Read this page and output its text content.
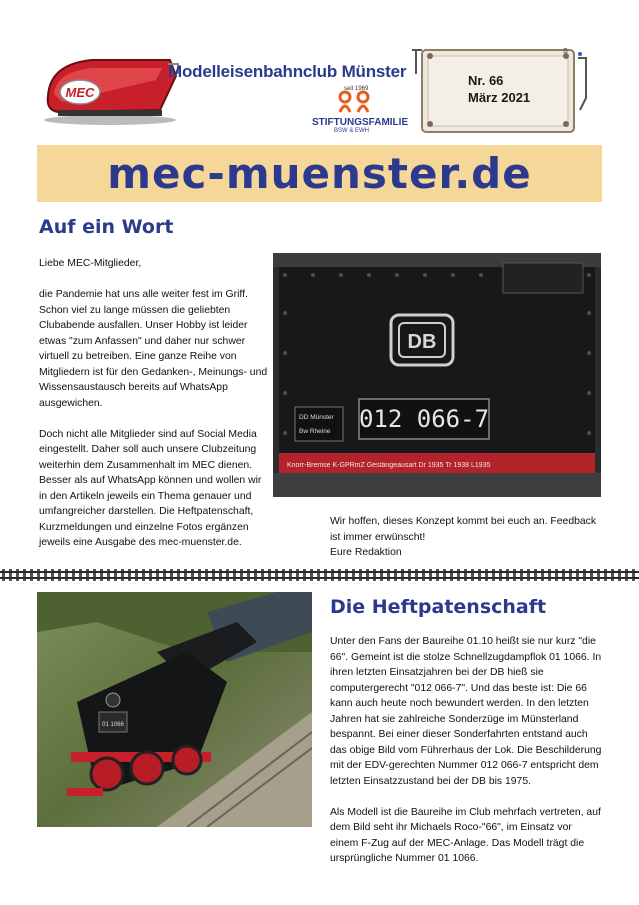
MEC
Modelleisenbahnclub Münster
seit 1969
STIFTUNGSFAMILIE
BSW & EWH
S
Nr. 66
März 2021
mec-muenster.de
Auf ein Wort

Liebe MEC-Mitglieder,

die Pandemie hat uns alle weiter fest im Griff. Schon viel zu lange müssen die geliebten Clubabende ausfallen. Unser Hobby ist leider etwas "zum Anfassen" und daher nur schwer virtuell zu betreiben. Eine ganze Reihe von Mitgliedern ist für den Gedanken-, Meinungs- und Wissensaustausch bereits auf WhatsApp ausgewichen.

Doch nicht alle Mitglieder sind auf Social Media eingestellt. Daher soll auch unsere Clubzeitung weiterhin dem Zusammenhalt im MEC dienen. Besser als auf WhatsApp können und wollen wir in den Artikeln jeweils ein Thema genauer und umfangreicher darstellen. Die Heftpatenschaft, Kurzmeldungen und einzelne Fotos ergänzen jeweils eine Ausgabe des mec-muenster.de.

DB
012 066-7
DD Münster
Bw Rheine
Knorr-Bremse K-GPRmZ Gestängeausart Dr 1935 Tr 1938 L1935

Wir hoffen, dieses Konzept kommt bei euch an. Feedback ist immer erwünscht!

Eure Redaktion

01 1066
Die Heftpatenschaft

Unter den Fans der Baureihe 01.10 heißt sie nur kurz "die 66". Gemeint ist die stolze Schnellzugdampflok 01 1066. In ihren letzten Einsatzjahren bei der DB hieß sie computergerecht "012 066-7". Und das beste ist: Die 66 kann auch heute noch bewundert werden. In den letzten Jahren hat sie zahlreiche Sonderzüge im Münsterland bespannt. Bei einer dieser Sonderfahrten entstand auch das obige Bild vom Führerhaus der Lok. Die Beschilderung mit der EDV-gerechten Nummer 012 066-7 entspricht dem letzten Einsatzzustand bei der DB bis 1975.

Als Modell ist die Baureihe im Club mehrfach vertreten, auf dem Bild seht ihr Michaels Roco-"66", im Einsatz vor einem F-Zug auf der MEC-Anlage. Das Modell trägt die ursprüngliche Nummer 01 1066.
